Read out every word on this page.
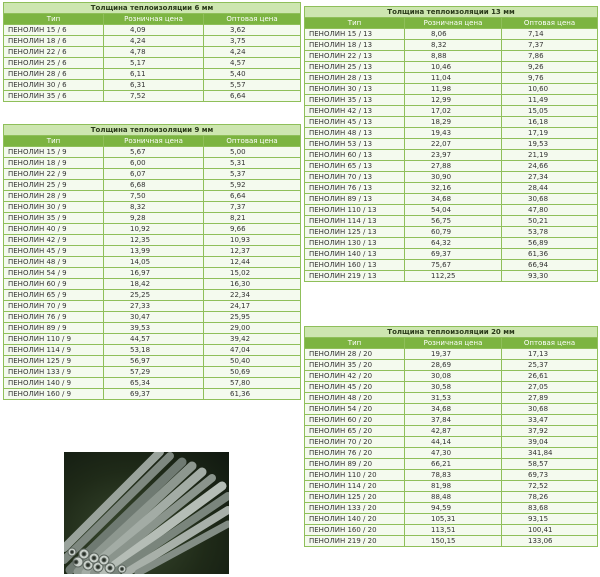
Толщина теплоизоляции 6 мм		
Тип	Розничная цена	Оптовая цена
ПЕНОЛИН 15 / 6	4,09	3,62
ПЕНОЛИН 18 / 6	4,24	3,75
ПЕНОЛИН 22 / 6	4,78	4,24
ПЕНОЛИН 25 / 6	5,17	4,57
ПЕНОЛИН 28 / 6	6,11	5,40
ПЕНОЛИН 30 / 6	6,31	5,57
ПЕНОЛИН 35 / 6	7,52	6,64
Толщина теплоизоляции 9 мм		
Тип	Розничная цена	Оптовая цена
ПЕНОЛИН 15 / 9	5,67	5,00
ПЕНОЛИН 18 / 9	6,00	5,31
ПЕНОЛИН 22 / 9	6,07	5,37
ПЕНОЛИН 25 / 9	6,68	5,92
ПЕНОЛИН 28 / 9	7,50	6,64
ПЕНОЛИН 30 / 9	8,32	7,37
ПЕНОЛИН 35 / 9	9,28	8,21
ПЕНОЛИН 40 / 9	10,92	9,66
ПЕНОЛИН 42 / 9	12,35	10,93
ПЕНОЛИН 45 / 9	13,99	12,37
ПЕНОЛИН 48 / 9	14,05	12,44
ПЕНОЛИН 54 / 9	16,97	15,02
ПЕНОЛИН 60 / 9	18,42	16,30
ПЕНОЛИН 65 / 9	25,25	22,34
ПЕНОЛИН 70 / 9	27,33	24,17
ПЕНОЛИН 76 / 9	30,47	25,95
ПЕНОЛИН 89 / 9	39,53	29,00
ПЕНОЛИН 110 / 9	44,57	39,42
ПЕНОЛИН 114 / 9	53,18	47,04
ПЕНОЛИН 125 / 9	56,97	50,40
ПЕНОЛИН 133 / 9	57,29	50,69
ПЕНОЛИН 140 / 9	65,34	57,80
ПЕНОЛИН 160 / 9	69,37	61,36
Толщина теплоизоляции 13 мм		
Тип	Розничная цена	Оптовая цена
ПЕНОЛИН 15 / 13	8,06	7,14
ПЕНОЛИН 18 / 13	8,32	7,37
ПЕНОЛИН 22 / 13	8,88	7,86
ПЕНОЛИН 25 / 13	10,46	9,26
ПЕНОЛИН 28 / 13	11,04	9,76
ПЕНОЛИН 30 / 13	11,98	10,60
ПЕНОЛИН 35 / 13	12,99	11,49
ПЕНОЛИН 42 / 13	17,02	15,05
ПЕНОЛИН 45 / 13	18,29	16,18
ПЕНОЛИН 48 / 13	19,43	17,19
ПЕНОЛИН 53 / 13	22,07	19,53
ПЕНОЛИН 60 / 13	23,97	21,19
ПЕНОЛИН 65 / 13	27,88	24,66
ПЕНОЛИН 70 / 13	30,90	27,34
ПЕНОЛИН 76 / 13	32,16	28,44
ПЕНОЛИН 89 / 13	34,68	30,68
ПЕНОЛИН 110 / 13	54,04	47,80
ПЕНОЛИН 114 / 13	56,75	50,21
ПЕНОЛИН 125 / 13	60,79	53,78
ПЕНОЛИН 130 / 13	64,32	56,89
ПЕНОЛИН 140 / 13	69,37	61,36
ПЕНОЛИН 160 / 13	75,67	66,94
ПЕНОЛИН 219 / 13	112,25	93,30
Толщина теплоизоляции 20 мм		
Тип	Розничная цена	Оптовая цена
ПЕНОЛИН 28 / 20	19,37	17,13
ПЕНОЛИН 35 / 20	28,69	25,37
ПЕНОЛИН 42 / 20	30,08	26,61
ПЕНОЛИН 45 / 20	30,58	27,05
ПЕНОЛИН 48 / 20	31,53	27,89
ПЕНОЛИН 54 / 20	34,68	30,68
ПЕНОЛИН 60 / 20	37,84	33,47
ПЕНОЛИН 65 / 20	42,87	37,92
ПЕНОЛИН 70 / 20	44,14	39,04
ПЕНОЛИН 76 / 20	47,30	341,84
ПЕНОЛИН 89 / 20	66,21	58,57
ПЕНОЛИН 110 / 20	78,83	69,73
ПЕНОЛИН 114 / 20	81,98	72,52
ПЕНОЛИН 125 / 20	88,48	78,26
ПЕНОЛИН 133 / 20	94,59	83,68
ПЕНОЛИН 140 / 20	105,31	93,15
ПЕНОЛИН 160 / 20	113,51	100,41
ПЕНОЛИН 219 / 20	150,15	133,06
